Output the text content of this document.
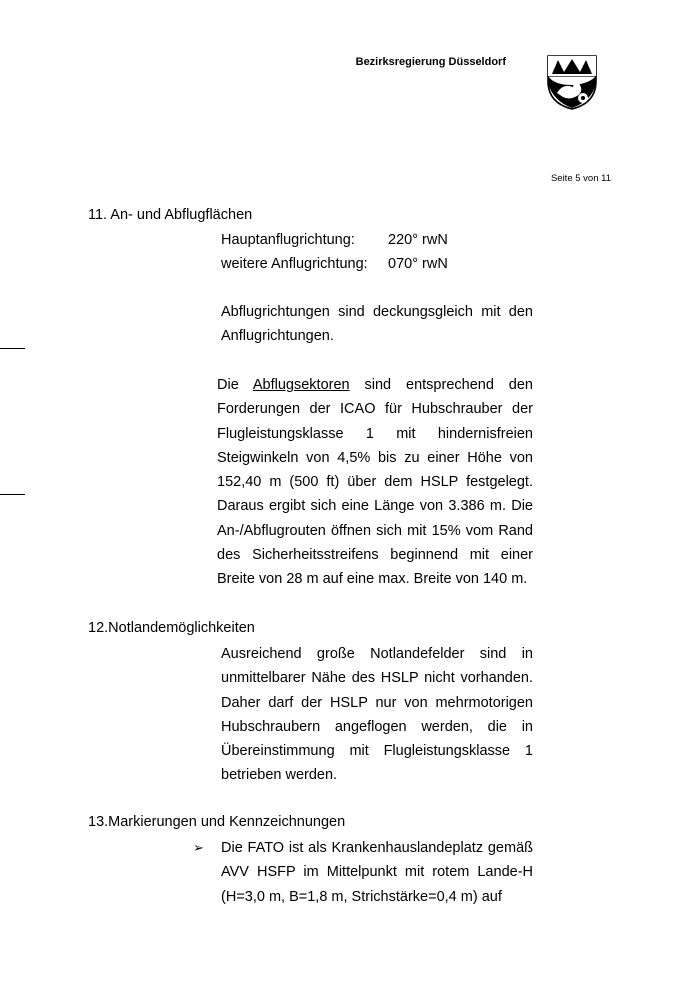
Bezirksregierung Düsseldorf
Seite 5 von 11
11. An- und Abflugflächen
Hauptanflugrichtung: 220° rwN
weitere Anflugrichtung: 070° rwN
Abflugrichtungen sind deckungsgleich mit den Anflugrichtungen.
Die Abflugsektoren sind entsprechend den Forderungen der ICAO für Hubschrauber der Flugleistungsklasse 1 mit hindernisfreien Steigwinkeln von 4,5% bis zu einer Höhe von 152,40 m (500 ft) über dem HSLP festgelegt. Daraus ergibt sich eine Länge von 3.386 m. Die An-/Abflugrouten öffnen sich mit 15% vom Rand des Sicherheitsstreifens beginnend mit einer Breite von 28 m auf eine max. Breite von 140 m.
12.Notlandemöglichkeiten
Ausreichend große Notlandefelder sind in unmittelbarer Nähe des HSLP nicht vorhanden. Daher darf der HSLP nur von mehrmotorigen Hubschraubern angeflogen werden, die in Übereinstimmung mit Flugleistungsklasse 1 betrieben werden.
13.Markierungen und Kennzeichnungen
➢ Die FATO ist als Krankenhauslandeplatz gemäß AVV HSFP im Mittelpunkt mit rotem Lande-H (H=3,0 m, B=1,8 m, Strichstärke=0,4 m) auf
